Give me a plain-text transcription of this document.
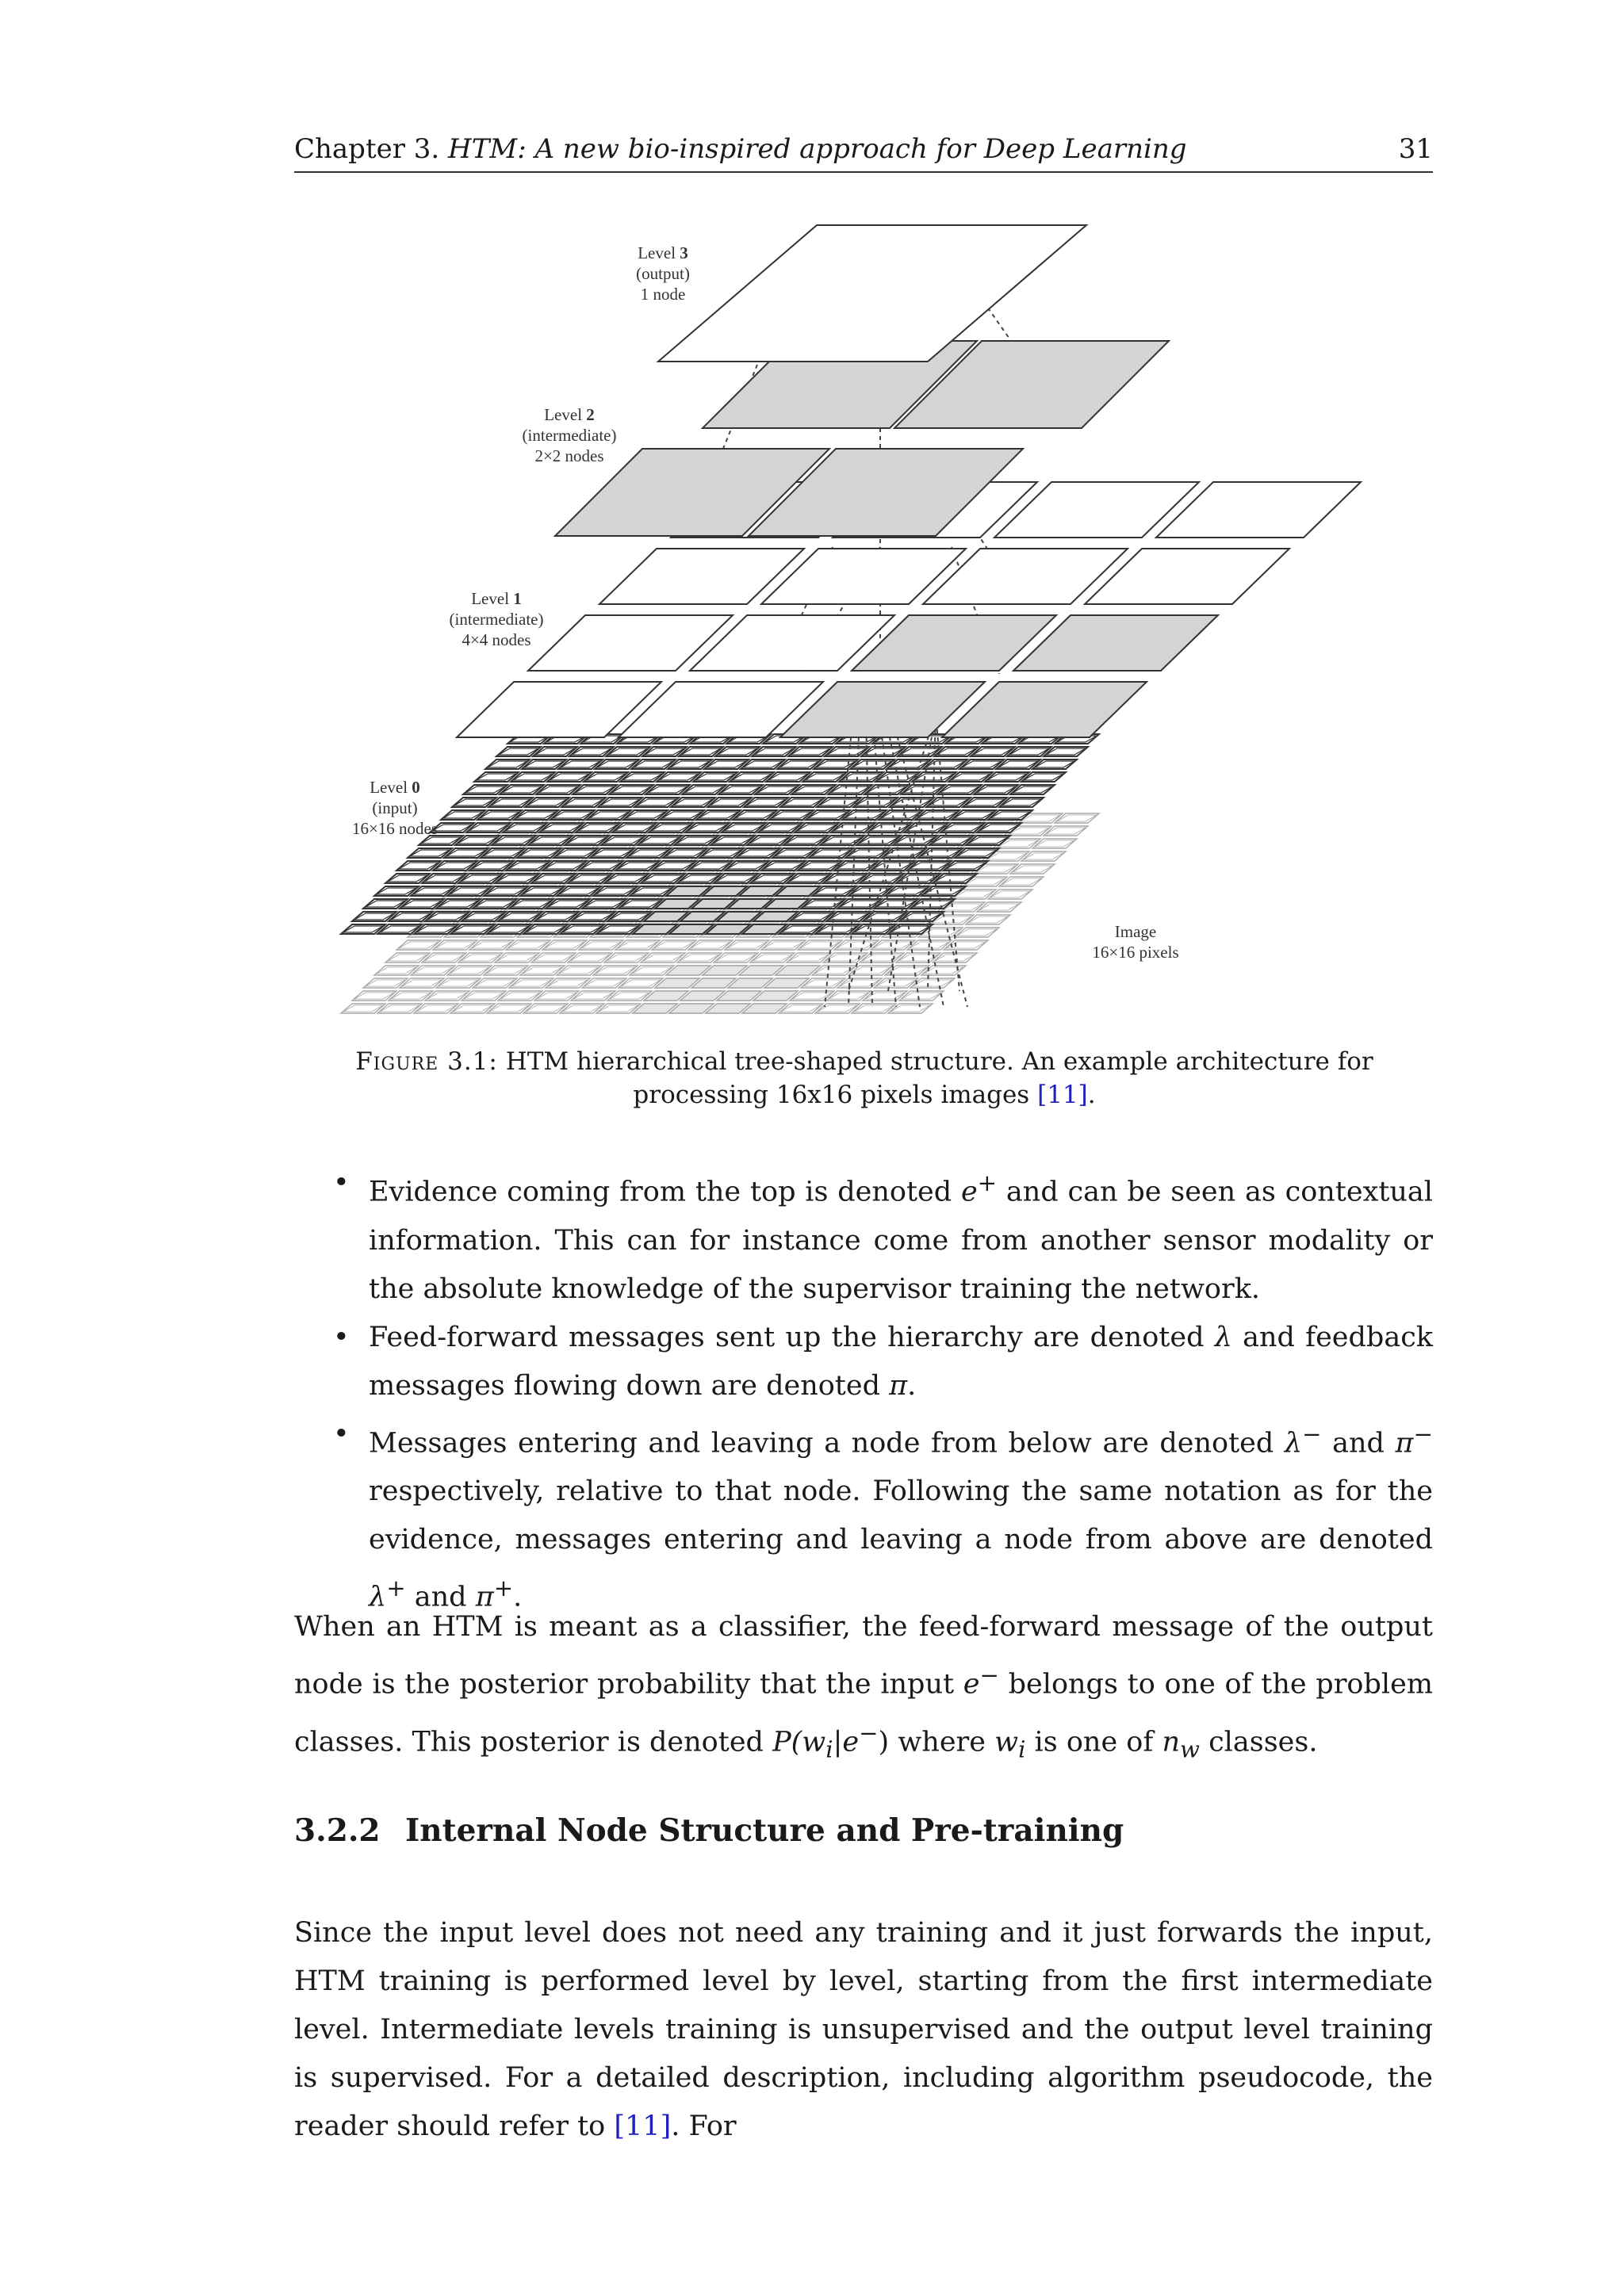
Chapter 3. HTM: A new bio-inspired approach for Deep Learning	31
Level 3
(output)
1 node
Level 2
(intermediate)
2×2 nodes
Level 1
(intermediate)
4×4 nodes
Level 0
(input)
16×16 nodes
Image
16×16 pixels
Figure 3.1: HTM hierarchical tree-shaped structure. An example architecture for processing 16x16 pixels images [11].
• Evidence coming from the top is denoted e+ and can be seen as contextual information. This can for instance come from another sensor modality or the absolute knowledge of the supervisor training the network.
• Feed-forward messages sent up the hierarchy are denoted λ and feedback messages flowing down are denoted π.
• Messages entering and leaving a node from below are denoted λ− and π− respectively, relative to that node. Following the same notation as for the evidence, messages entering and leaving a node from above are denoted λ+ and π+.

When an HTM is meant as a classifier, the feed-forward message of the output node is the posterior probability that the input e− belongs to one of the problem classes. This posterior is denoted $P(w_i|e^-)$ where $w_i$ is one of $n_w$ classes.

3.2.2 Internal Node Structure and Pre-training

Since the input level does not need any training and it just forwards the input, HTM training is performed level by level, starting from the first intermediate level. Intermediate levels training is unsupervised and the output level training is supervised. For a detailed description, including algorithm pseudocode, the reader should refer to [11]. For
